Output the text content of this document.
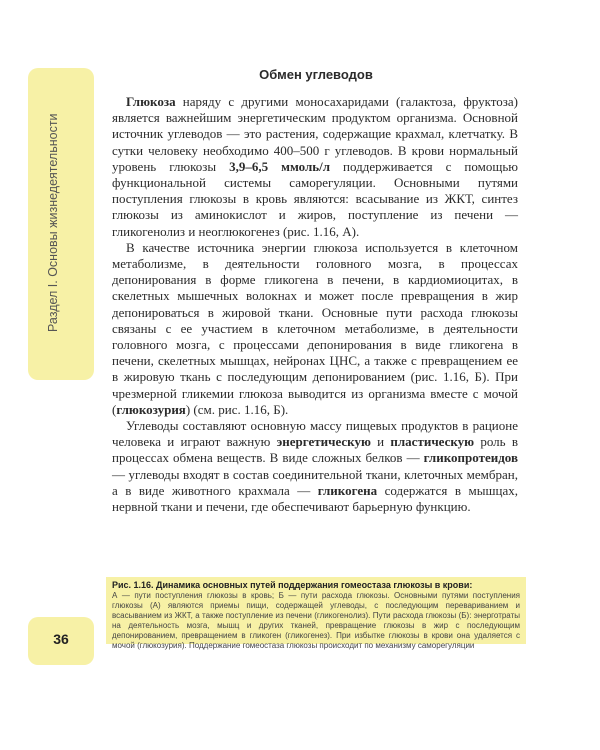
Раздел I. Основы жизнедеятельности
36
Обмен углеводов

Глюкоза наряду с другими моносахаридами (галактоза, фруктоза) является важнейшим энергетическим продуктом организма. Основной источник углеводов — это растения, содержащие крахмал, клетчатку. В сутки человеку необходимо 400–500 г углеводов. В крови нормальный уровень глюкозы 3,9–6,5 ммоль/л поддерживается с помощью функциональной системы саморегуляции. Основными путями поступления глюкозы в кровь являются: всасывание из ЖКТ, синтез глюкозы из аминокислот и жиров, поступление из печени — гликогенолиз и неоглюкогенез (рис. 1.16, А).

В качестве источника энергии глюкоза используется в клеточном метаболизме, в деятельности головного мозга, в процессах депонирования в форме гликогена в печени, в кардиомиоцитах, в скелетных мышечных волокнах и может после превращения в жир депонироваться в жировой ткани. Основные пути расхода глюкозы связаны с ее участием в клеточном метаболизме, в деятельности головного мозга, с процессами депонирования в виде гликогена в печени, скелетных мышцах, нейронах ЦНС, а также с превращением ее в жировую ткань с последующим депонированием (рис. 1.16, Б). При чрезмерной гликемии глюкоза выводится из организма вместе с мочой (глюкозурия) (см. рис. 1.16, Б).

Углеводы составляют основную массу пищевых продуктов в рационе человека и играют важную энергетическую и пластическую роль в процессах обмена веществ. В виде сложных белков — гликопротеидов — углеводы входят в состав соединительной ткани, клеточных мембран, а в виде животного крахмала — гликогена содержатся в мышцах, нервной ткани и печени, где обеспечивают барьерную функцию.

Рис. 1.16. Динамика основных путей поддержания гомеостаза глюкозы в крови:

А — пути поступления глюкозы в кровь; Б — пути расхода глюкозы. Основными путями поступления глюкозы (А) являются приемы пищи, содержащей углеводы, с последующим перевариванием и всасыванием из ЖКТ, а также поступление из печени (гликогенолиз). Пути расхода глюкозы (Б): энерготраты на деятельность мозга, мышц и других тканей, превращение глюкозы в жир с последующим депонированием, превращением в гликоген (гликогенез). При избытке глюкозы в крови она удаляется с мочой (глюкозурия). Поддержание гомеостаза глюкозы происходит по механизму саморегуляции
